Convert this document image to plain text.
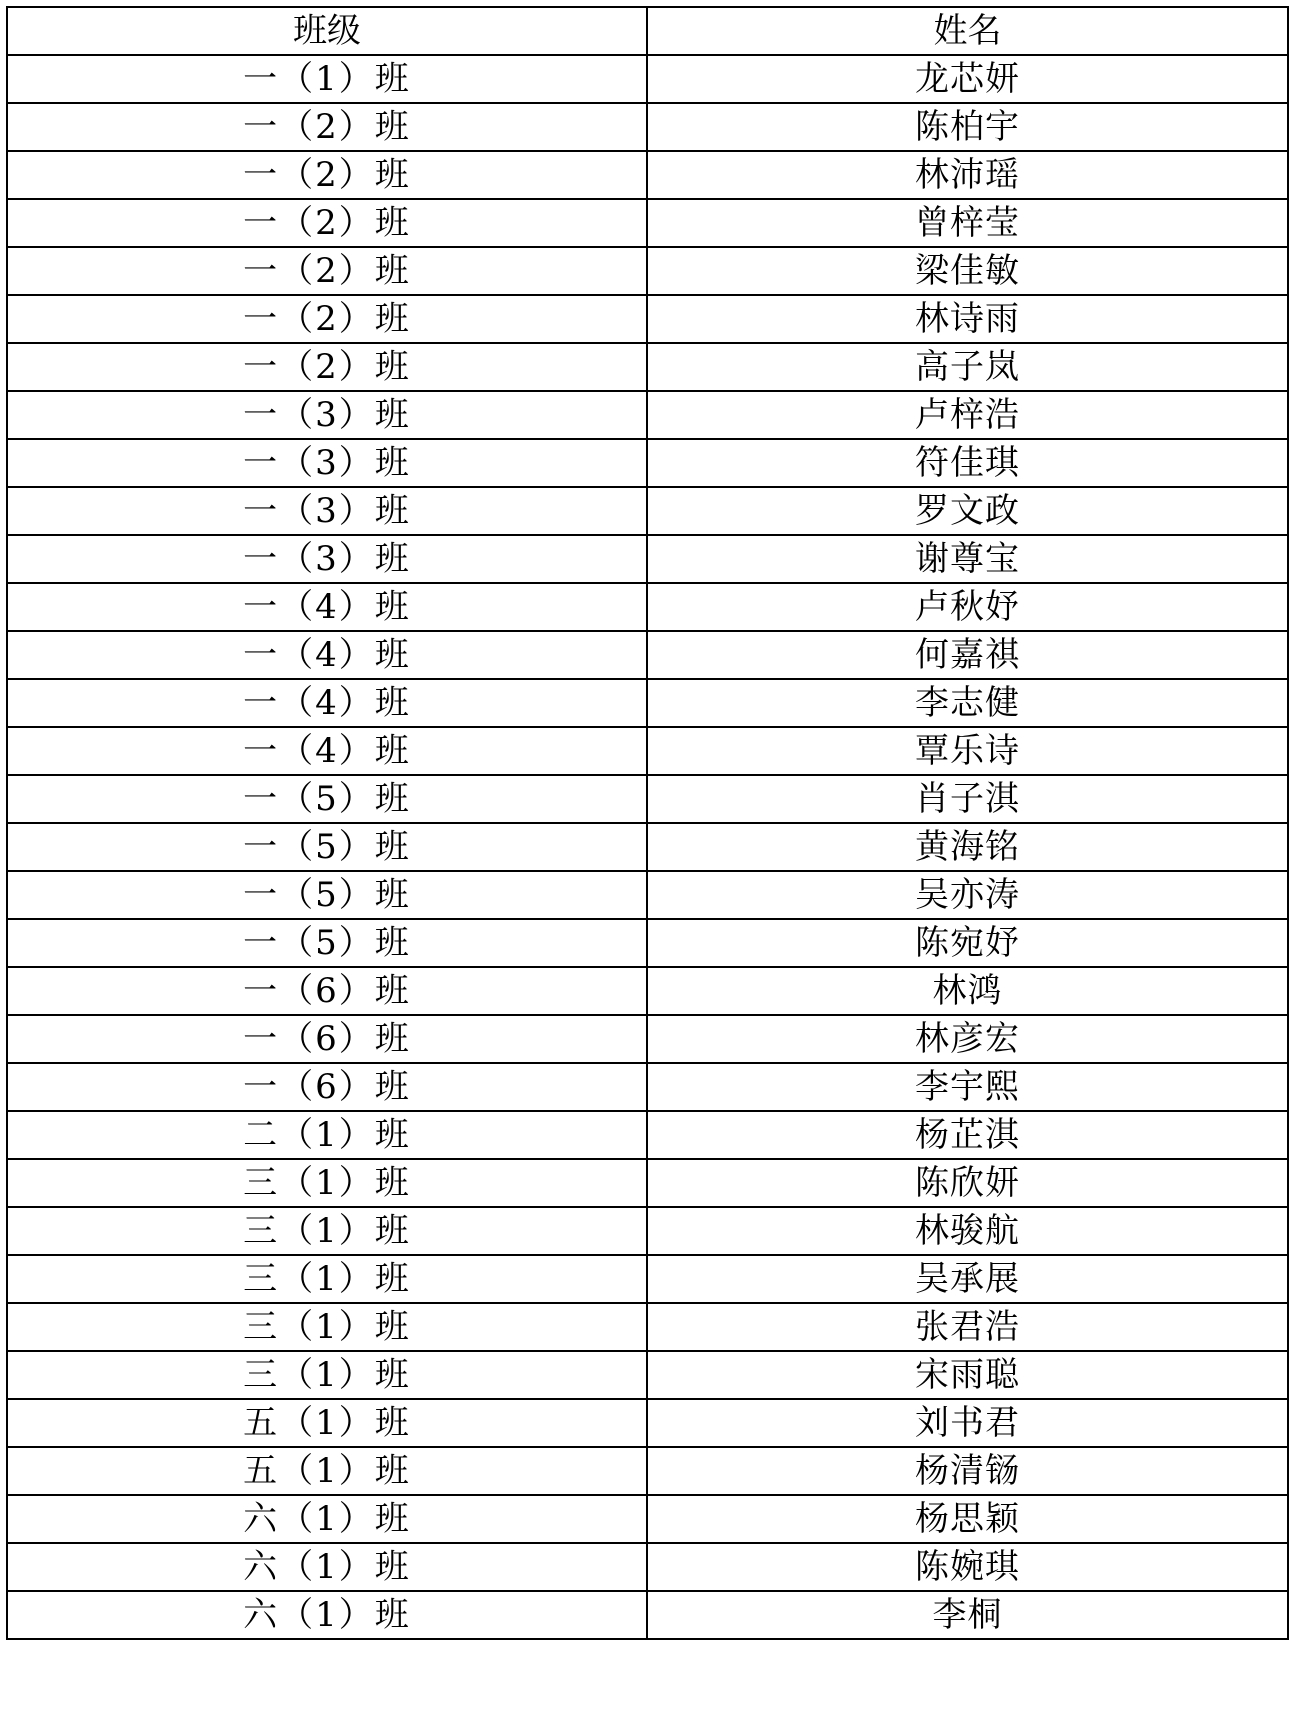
班级	姓名
一（1）班	龙芯妍
一（2）班	陈柏宇
一（2）班	林沛瑶
一（2）班	曾梓莹
一（2）班	梁佳敏
一（2）班	林诗雨
一（2）班	高子岚
一（3）班	卢梓浩
一（3）班	符佳琪
一（3）班	罗文政
一（3）班	谢尊宝
一（4）班	卢秋妤
一（4）班	何嘉祺
一（4）班	李志健
一（4）班	覃乐诗
一（5）班	肖子淇
一（5）班	黄海铭
一（5）班	吴亦涛
一（5）班	陈宛妤
一（6）班	林鸿
一（6）班	林彦宏
一（6）班	李宇熙
二（1）班	杨芷淇
三（1）班	陈欣妍
三（1）班	林骏航
三（1）班	吴承展
三（1）班	张君浩
三（1）班	宋雨聪
五（1）班	刘书君
五（1）班	杨清铴
六（1）班	杨思颖
六（1）班	陈婉琪
六（1）班	李桐
